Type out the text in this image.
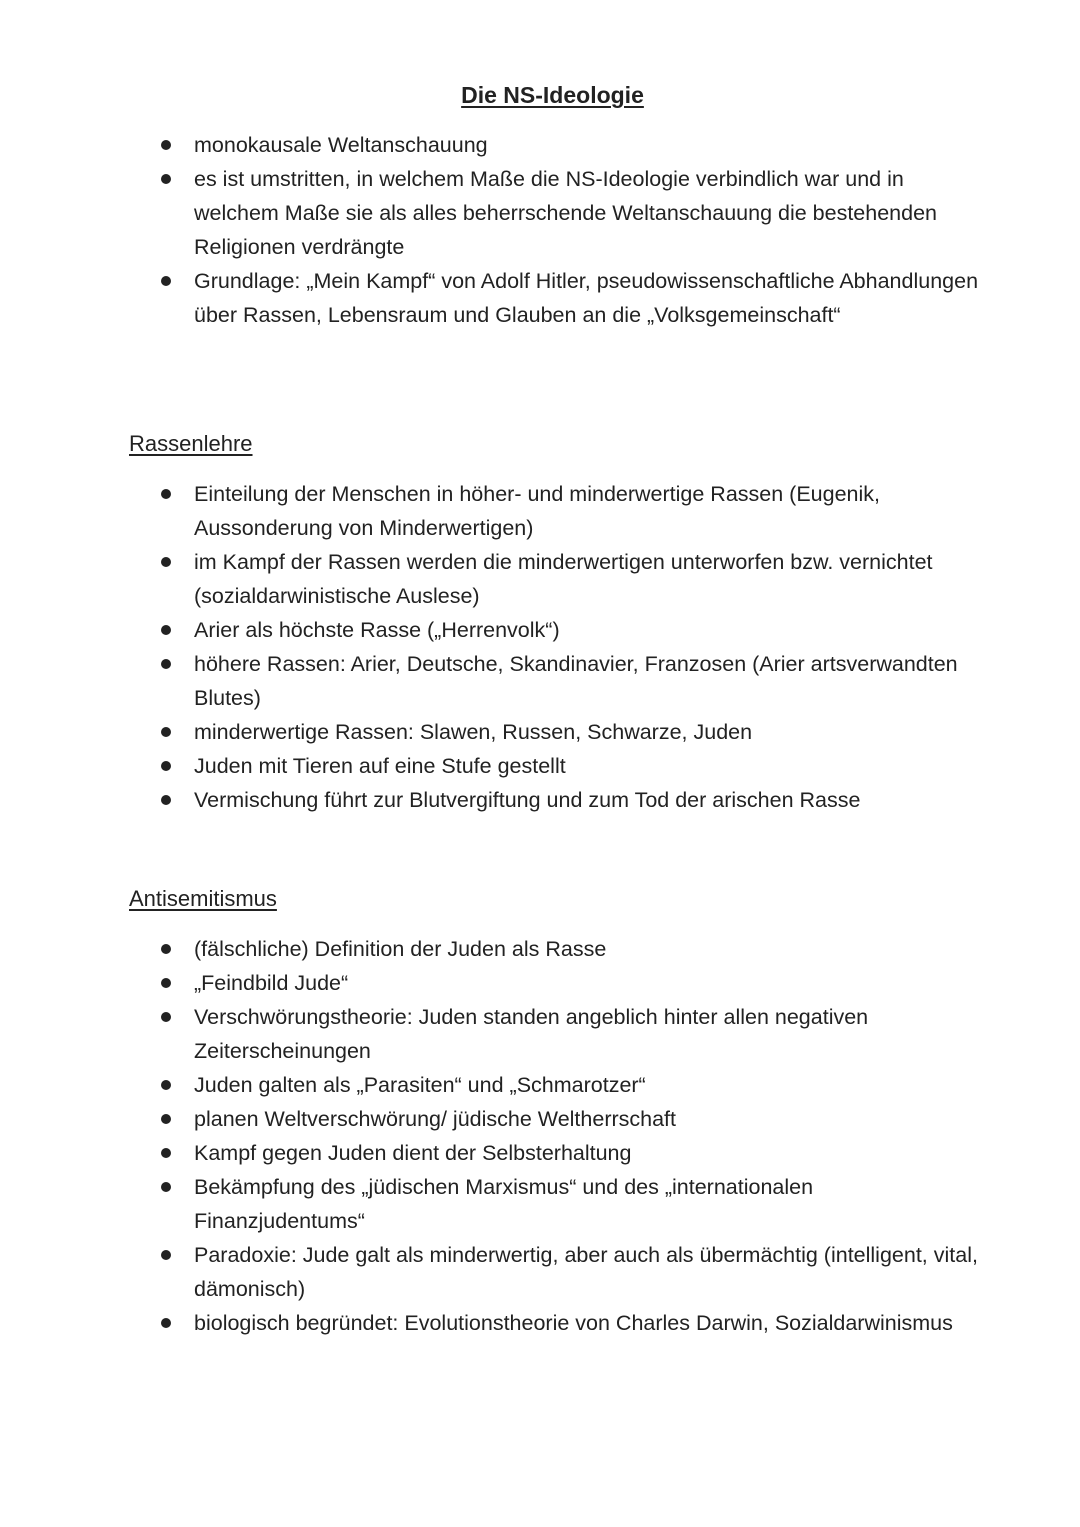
Die NS-Ideologie
monokausale Weltanschauung
es ist umstritten, in welchem Maße die NS-Ideologie verbindlich war und in welchem Maße sie als alles beherrschende Weltanschauung die bestehenden Religionen verdrängte
Grundlage: „Mein Kampf“ von Adolf Hitler, pseudowissenschaftliche Abhandlungen über Rassen, Lebensraum und Glauben an die „Volksgemeinschaft“
Rassenlehre
Einteilung der Menschen in höher- und minderwertige Rassen (Eugenik, Aussonderung von Minderwertigen)
im Kampf der Rassen werden die minderwertigen unterworfen bzw. vernichtet (sozialdarwinistische Auslese)
Arier als höchste Rasse („Herrenvolk“)
höhere Rassen: Arier, Deutsche, Skandinavier, Franzosen (Arier artsverwandten Blutes)
minderwertige Rassen: Slawen, Russen, Schwarze, Juden
Juden mit Tieren auf eine Stufe gestellt
Vermischung führt zur Blutvergiftung und zum Tod der arischen Rasse
Antisemitismus
(fälschliche) Definition der Juden als Rasse
„Feindbild Jude“
Verschwörungstheorie: Juden standen angeblich hinter allen negativen Zeiterscheinungen
Juden galten als „Parasiten“ und „Schmarotzer“
planen Weltverschwörung/ jüdische Weltherrschaft
Kampf gegen Juden dient der Selbsterhaltung
Bekämpfung des „jüdischen Marxismus“ und des „internationalen Finanzjudentums“
Paradoxie: Jude galt als minderwertig, aber auch als übermächtig (intelligent, vital, dämonisch)
biologisch begründet: Evolutionstheorie von Charles Darwin, Sozialdarwinismus
